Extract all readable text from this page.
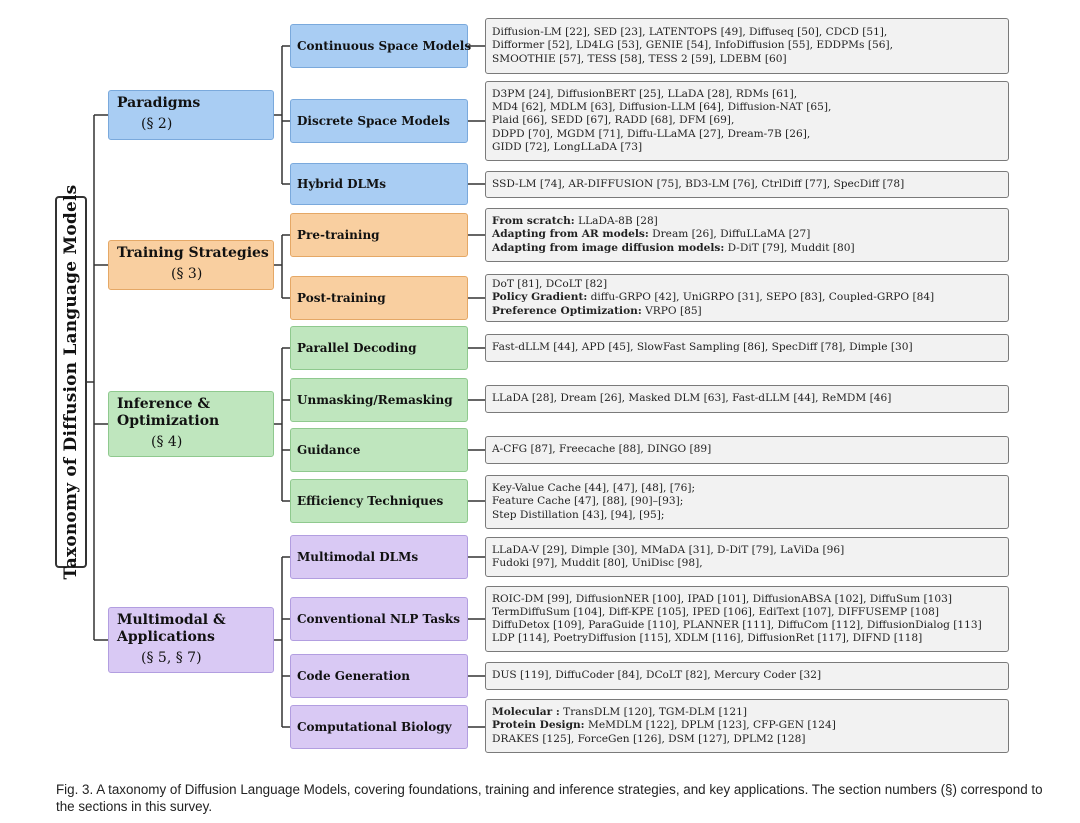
Taxonomy of Diffusion Language Models
Paradigms
(§ 2)
Training Strategies
(§ 3)
Inference &
Optimization
(§ 4)
Multimodal &
Applications
(§ 5, § 7)
Continuous Space Models
Diffusion-LM [22], SED [23], LATENTOPS [49], Diffuseq [50], CDCD [51],
Difformer [52], LD4LG [53], GENIE [54], InfoDiffusion [55], EDDPMs [56],
SMOOTHIE [57], TESS [58], TESS 2 [59], LDEBM [60]
Discrete Space Models
D3PM [24], DiffusionBERT [25], LLaDA [28], RDMs [61],
MD4 [62], MDLM [63], Diffusion-LLM [64], Diffusion-NAT [65],
Plaid [66], SEDD [67], RADD [68], DFM [69],
DDPD [70], MGDM [71], Diffu-LLaMA [27], Dream-7B [26],
GIDD [72], LongLLaDA [73]
Hybrid DLMs	SSD-LM [74], AR-DIFFUSION [75], BD3-LM [76], CtrlDiff [77], SpecDiff [78]
Pre-training
From scratch: LLaDA-8B [28]
Adapting from AR models: Dream [26], DiffuLLaMA [27]
Adapting from image diffusion models: D-DiT [79], Muddit [80]
Post-training
DoT [81], DCoLT [82]
Policy Gradient: diffu-GRPO [42], UniGRPO [31], SEPO [83], Coupled-GRPO [84]
Preference Optimization: VRPO [85]
Parallel Decoding	Fast-dLLM [44], APD [45], SlowFast Sampling [86], SpecDiff [78], Dimple [30]
Unmasking/Remasking	LLaDA [28], Dream [26], Masked DLM [63], Fast-dLLM [44], ReMDM [46]
Guidance	A-CFG [87], Freecache [88], DINGO [89]
Efficiency Techniques
Key-Value Cache [44], [47], [48], [76];
Feature Cache [47], [88], [90]–[93];
Step Distillation [43], [94], [95];
Multimodal DLMs
LLaDA-V [29], Dimple [30], MMaDA [31], D-DiT [79], LaViDa [96]
Fudoki [97], Muddit [80], UniDisc [98],
Conventional NLP Tasks
ROIC-DM [99], DiffusionNER [100], IPAD [101], DiffusionABSA [102], DiffuSum [103]
TermDiffuSum [104], Diff-KPE [105], IPED [106], EdiText [107], DIFFUSEMP [108]
DiffuDetox [109], ParaGuide [110], PLANNER [111], DiffuCom [112], DiffusionDialog [113]
LDP [114], PoetryDiffusion [115], XDLM [116], DiffusionRet [117], DIFND [118]
Code Generation	DUS [119], DiffuCoder [84], DCoLT [82], Mercury Coder [32]
Computational Biology
Molecular : TransDLM [120], TGM-DLM [121]
Protein Design: MeMDLM [122], DPLM [123], CFP-GEN [124]
DRAKES [125], ForceGen [126], DSM [127], DPLM2 [128]
Fig. 3. A taxonomy of Diffusion Language Models, covering foundations, training and inference strategies, and key applications. The section numbers (§) correspond to the sections in this survey.
